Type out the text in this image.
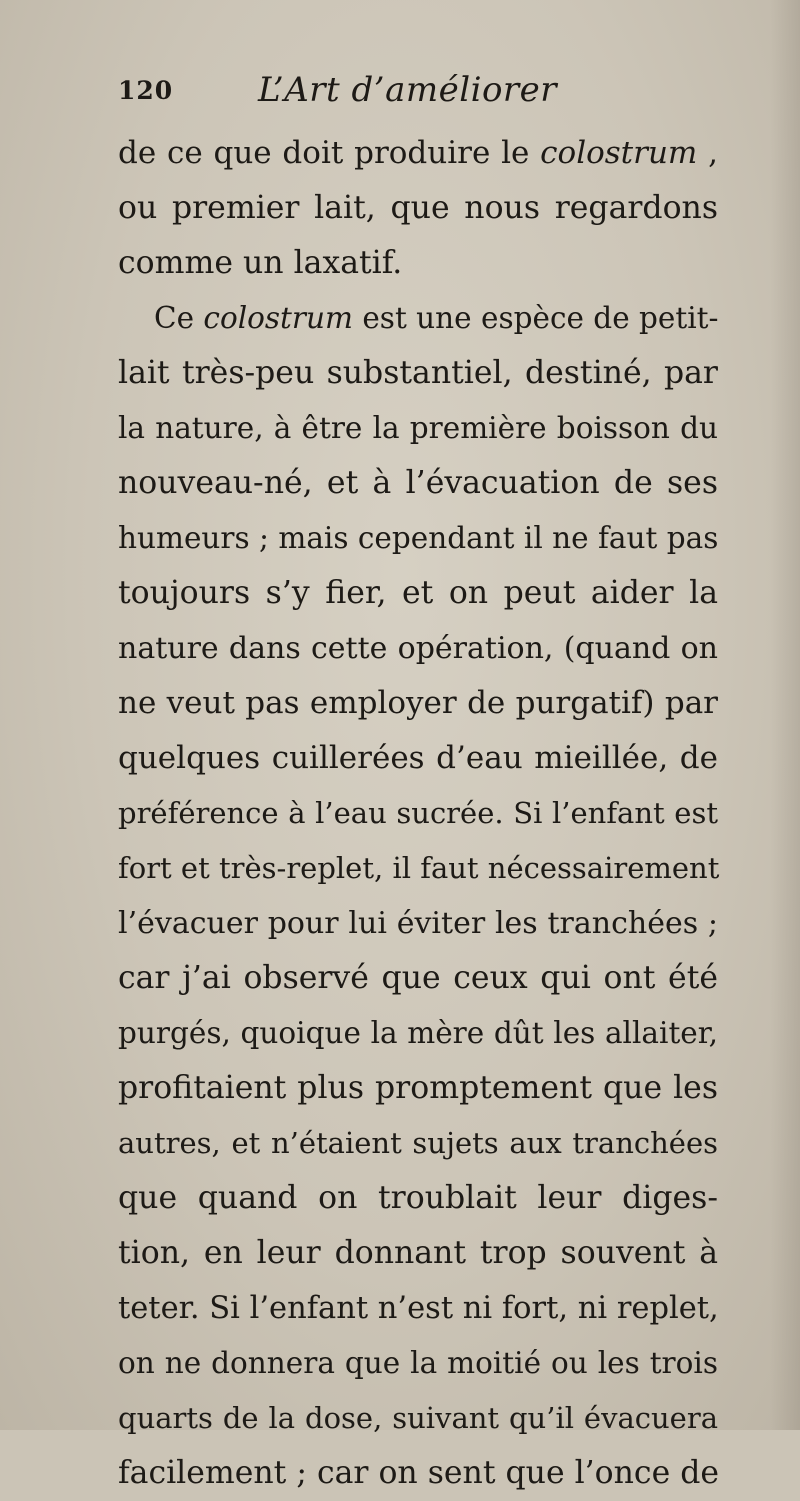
120 L’Art d’améliorer
de ce que doit produire le colostrum ,
ou premier lait, que nous regardons
comme un laxatif.
Ce colostrum est une espèce de petit-
lait très-peu substantiel, destiné, par
la nature, à être la première boisson du
nouveau-né, et à l’évacuation de ses
humeurs ; mais cependant il ne faut pas
toujours s’y fier, et on peut aider la
nature dans cette opération, (quand on
ne veut pas employer de purgatif) par
quelques cuillerées d’eau mieillée, de
préférence à l’eau sucrée. Si l’enfant est
fort et très-replet, il faut nécessairement
l’évacuer pour lui éviter les tranchées ;
car j’ai observé que ceux qui ont été
purgés, quoique la mère dût les allaiter,
profitaient plus promptement que les
autres, et n’étaient sujets aux tranchées
que quand on troublait leur diges-
tion, en leur donnant trop souvent à
teter. Si l’enfant n’est ni fort, ni replet,
on ne donnera que la moitié ou les trois
quarts de la dose, suivant qu’il évacuera
facilement ; car on sent que l’once de
